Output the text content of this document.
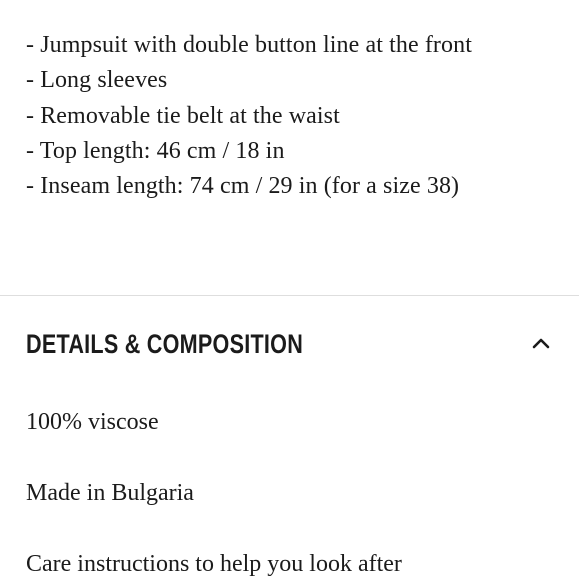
- Jumpsuit with double button line at the front
- Long sleeves
- Removable tie belt at the waist
- Top length: 46 cm / 18 in
- Inseam length: 74 cm / 29 in (for a size 38)
DETAILS & COMPOSITION
100% viscose
Made in Bulgaria
Care instructions to help you look after
